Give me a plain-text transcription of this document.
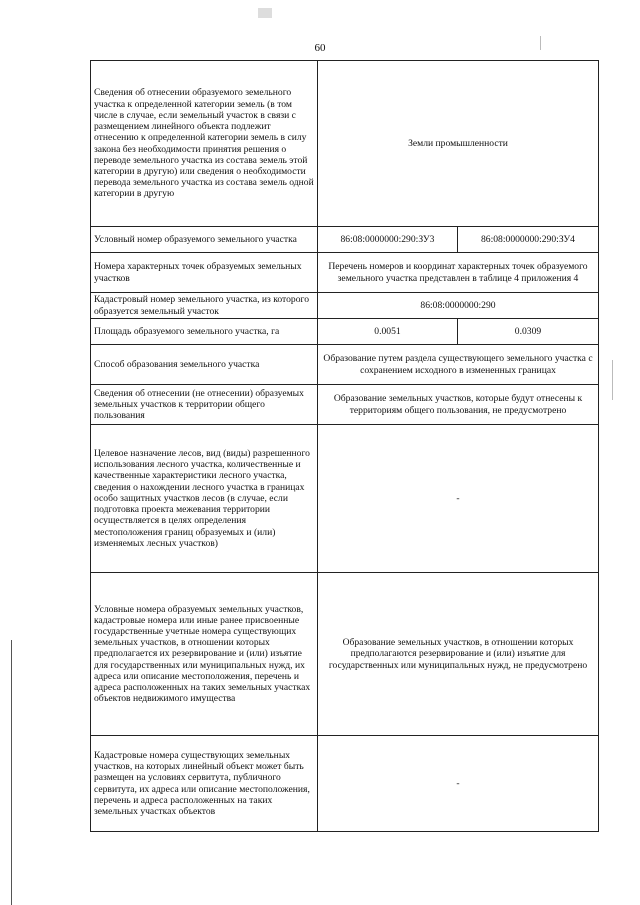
60
Сведения об отнесении образуемого земельного участка к определенной категории земель (в том числе в случае, если земельный участок в связи с размещением линейного объекта подлежит отнесению к определенной категории земель в силу закона без необходимости принятия решения о переводе земельного участка из состава земель этой категории в другую) или сведения о необходимости перевода земельного участка из состава земель одной категории в другую	Земли промышленности	
Условный номер образуемого земельного участка	86:08:0000000:290:ЗУ3	86:08:0000000:290:ЗУ4
Номера характерных точек образуемых земельных участков	Перечень номеров и координат характерных точек образуемого земельного участка представлен в таблице 4 приложения 4	
Кадастровый номер земельного участка, из которого образуется земельный участок	86:08:0000000:290	
Площадь образуемого земельного участка, га	0.0051	0.0309
Способ образования земельного участка	Образование путем раздела существующего земельного участка с сохранением исходного в измененных границах	
Сведения об отнесении (не отнесении) образуемых земельных участков к территории общего пользования	Образование земельных участков, которые будут отнесены к территориям общего пользования, не предусмотрено	
Целевое назначение лесов, вид (виды) разрешенного использования лесного участка, количественные и качественные характеристики лесного участка, сведения о нахождении лесного участка в границах особо защитных участков лесов (в случае, если подготовка проекта межевания территории осуществляется в целях определения местоположения границ образуемых и (или) изменяемых лесных участков)	-	
Условные номера образуемых земельных участков, кадастровые номера или иные ранее присвоенные государственные учетные номера существующих земельных участков, в отношении которых предполагается их резервирование и (или) изъятие для государственных или муниципальных нужд, их адреса или описание местоположения, перечень и адреса расположенных на таких земельных участках объектов недвижимого имущества	Образование земельных участков, в отношении которых предполагаются резервирование и (или) изъятие для государственных или муниципальных нужд, не предусмотрено	
Кадастровые номера существующих земельных участков, на которых линейный объект может быть размещен на условиях сервитута, публичного сервитута, их адреса или описание местоположения, перечень и адреса расположенных на таких земельных участках объектов	-	
